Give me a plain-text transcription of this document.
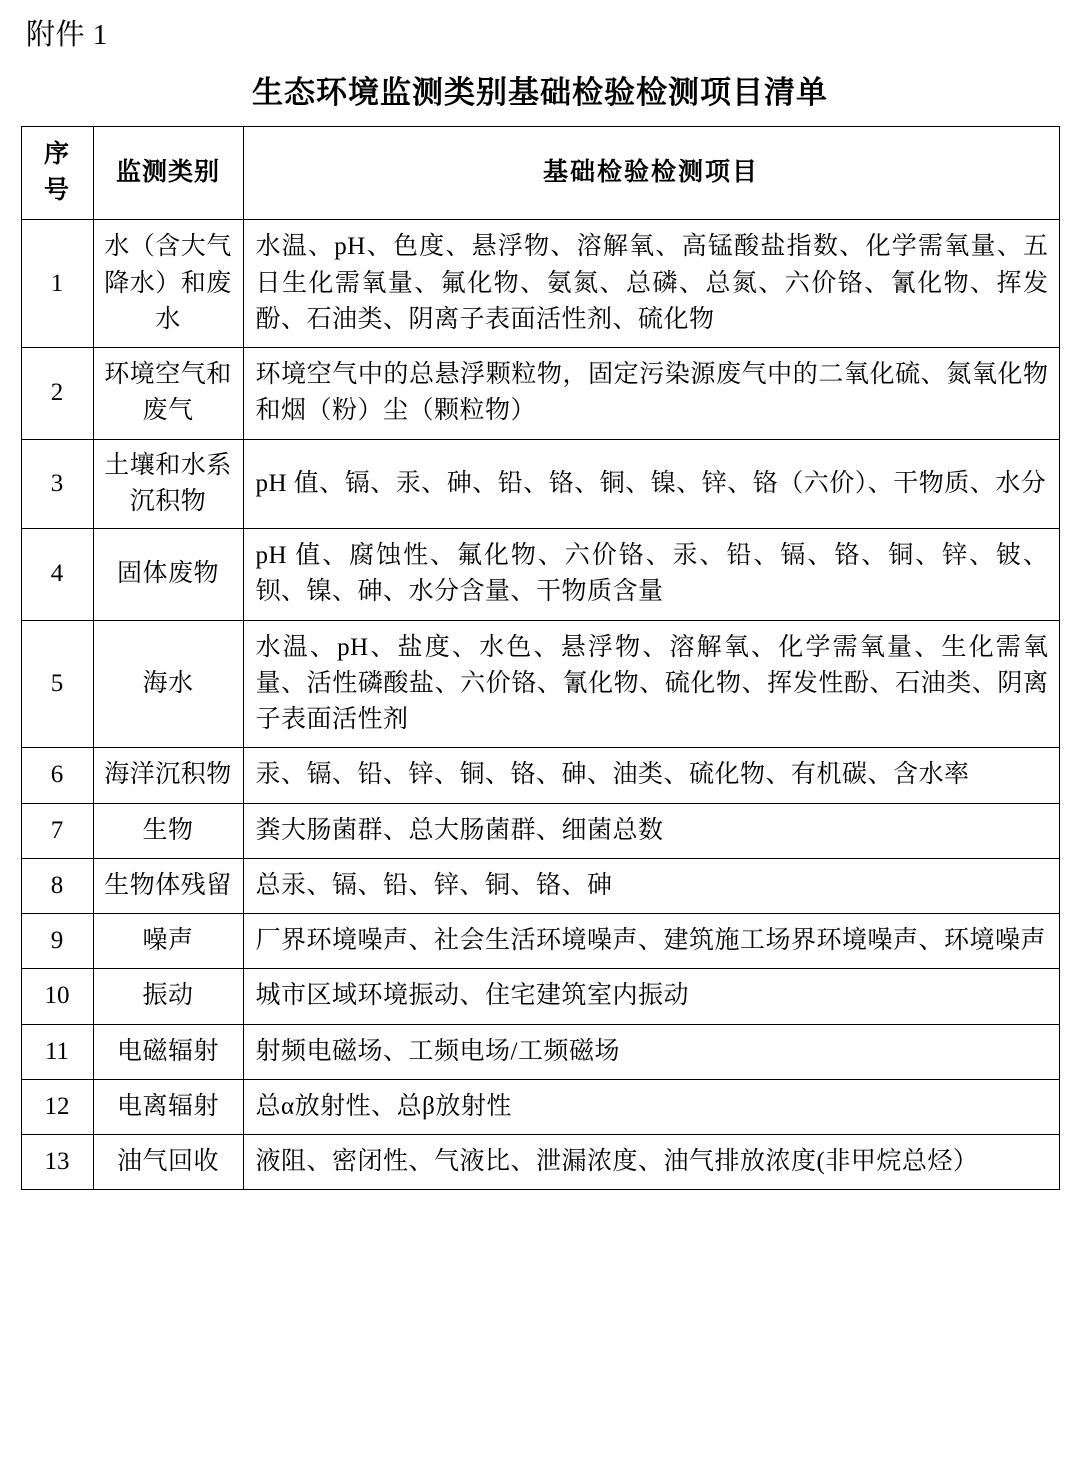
附件 1
生态环境监测类别基础检验检测项目清单
序
号	监测类别	基础检验检测项目
1	水（含大气降水）和废水	水温、pH、色度、悬浮物、溶解氧、高锰酸盐指数、化学需氧量、五日生化需氧量、氟化物、氨氮、总磷、总氮、六价铬、氰化物、挥发酚、石油类、阴离子表面活性剂、硫化物
2	环境空气和废气	环境空气中的总悬浮颗粒物，固定污染源废气中的二氧化硫、氮氧化物和烟（粉）尘（颗粒物）
3	土壤和水系沉积物	pH 值、镉、汞、砷、铅、铬、铜、镍、锌、铬（六价）、干物质、水分
4	固体废物	pH 值、腐蚀性、氟化物、六价铬、汞、铅、镉、铬、铜、锌、铍、钡、镍、砷、水分含量、干物质含量
5	海水	水温、pH、盐度、水色、悬浮物、溶解氧、化学需氧量、生化需氧量、活性磷酸盐、六价铬、氰化物、硫化物、挥发性酚、石油类、阴离子表面活性剂
6	海洋沉积物	汞、镉、铅、锌、铜、铬、砷、油类、硫化物、有机碳、含水率
7	生物	粪大肠菌群、总大肠菌群、细菌总数
8	生物体残留	总汞、镉、铅、锌、铜、铬、砷
9	噪声	厂界环境噪声、社会生活环境噪声、建筑施工场界环境噪声、环境噪声
10	振动	城市区域环境振动、住宅建筑室内振动
11	电磁辐射	射频电磁场、工频电场/工频磁场
12	电离辐射	总α放射性、总β放射性
13	油气回收	液阻、密闭性、气液比、泄漏浓度、油气排放浓度(非甲烷总烃）
